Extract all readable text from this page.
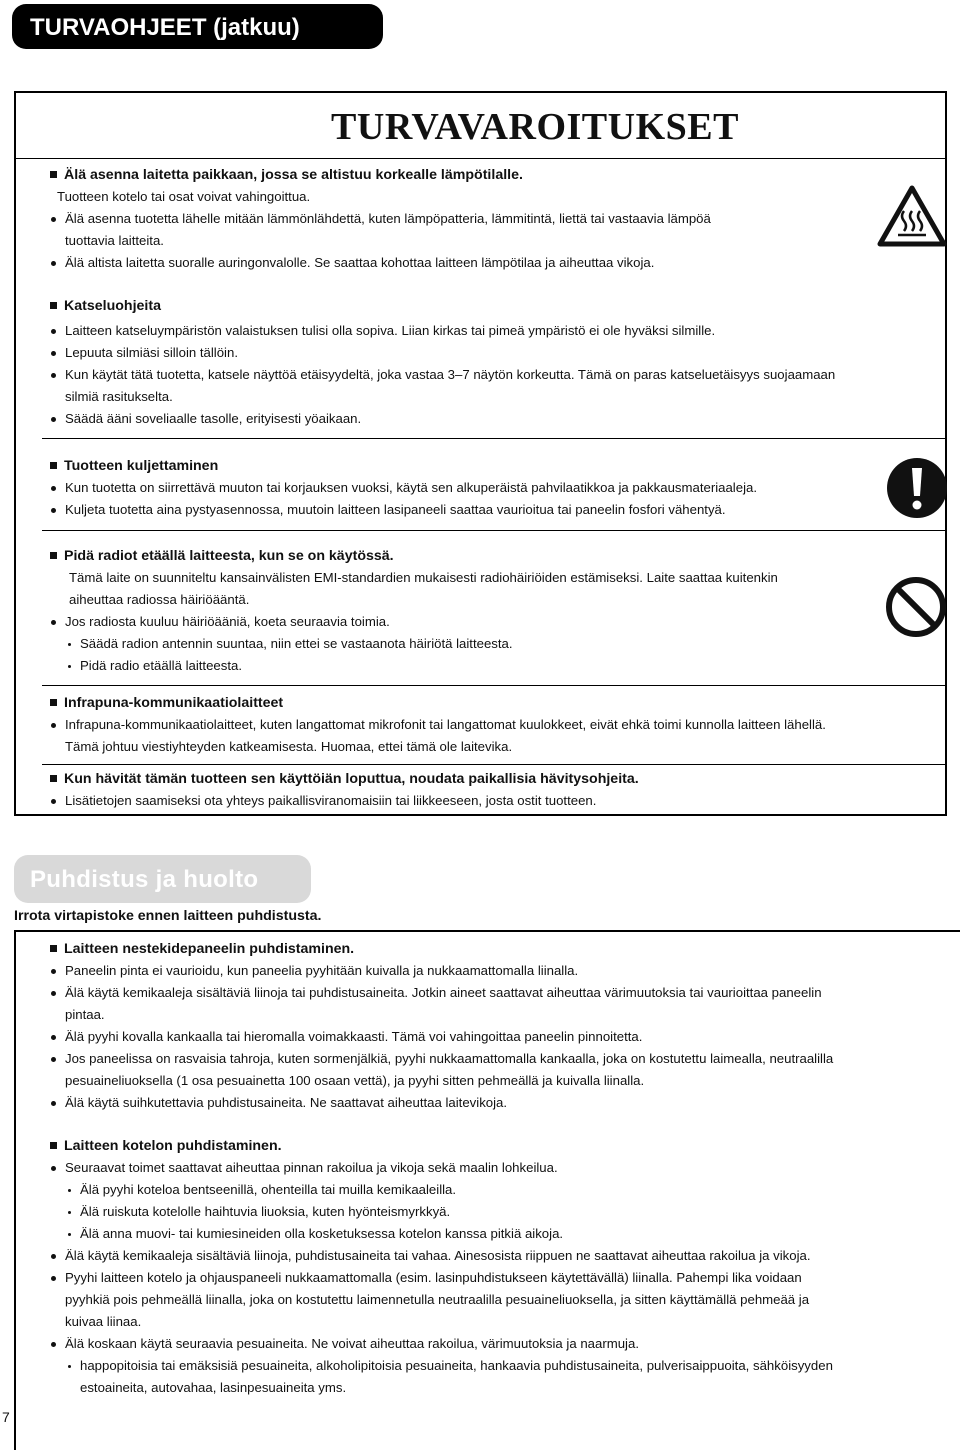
TURVAOHJEET (jatkuu)
TURVAVAROITUKSET
Älä asenna laitetta paikkaan, jossa se altistuu korkealle lämpötilalle.
Tuotteen kotelo tai osat voivat vahingoittua.
Älä asenna tuotetta lähelle mitään lämmönlähdettä, kuten lämpöpatteria, lämmitintä, liettä tai vastaavia lämpöä
tuottavia laitteita.
Älä altista laitetta suoralle auringonvalolle. Se saattaa kohottaa laitteen lämpötilaa ja aiheuttaa vikoja.
Katseluohjeita
Laitteen katseluympäristön valaistuksen tulisi olla sopiva. Liian kirkas tai pimeä ympäristö ei ole hyväksi silmille.
Lepuuta silmiäsi silloin tällöin.
Kun käytät tätä tuotetta, katsele näyttöä etäisyydeltä, joka vastaa 3–7 näytön korkeutta. Tämä on paras katseluetäisyys suojaamaan
silmiä rasitukselta.
Säädä ääni soveliaalle tasolle, erityisesti yöaikaan.
Tuotteen kuljettaminen
Kun tuotetta on siirrettävä muuton tai korjauksen vuoksi, käytä sen alkuperäistä pahvilaatikkoa ja pakkausmateriaaleja.
Kuljeta tuotetta aina pystyasennossa, muutoin laitteen lasipaneeli saattaa vaurioitua tai paneelin fosfori vähentyä.
Pidä radiot etäällä laitteesta, kun se on käytössä.
Tämä laite on suunniteltu kansainvälisten EMI-standardien mukaisesti radiohäiriöiden estämiseksi. Laite saattaa kuitenkin
aiheuttaa radiossa häiriöääntä.
Jos radiosta kuuluu häiriöääniä, koeta seuraavia toimia.
Säädä radion antennin suuntaa, niin ettei se vastaanota häiriötä laitteesta.
Pidä radio etäällä laitteesta.
Infrapuna-kommunikaatiolaitteet
Infrapuna-kommunikaatiolaitteet, kuten langattomat mikrofonit tai langattomat kuulokkeet, eivät ehkä toimi kunnolla laitteen lähellä.
Tämä johtuu viestiyhteyden katkeamisesta. Huomaa, ettei tämä ole laitevika.
Kun hävität tämän tuotteen sen käyttöiän loputtua, noudata paikallisia hävitysohjeita.
Lisätietojen saamiseksi ota yhteys paikallisviranomaisiin tai liikkeeseen, josta ostit tuotteen.
Puhdistus ja huolto
Irrota virtapistoke ennen laitteen puhdistusta.
Laitteen nestekidepaneelin puhdistaminen.
Paneelin pinta ei vaurioidu, kun paneelia pyyhitään kuivalla ja nukkaamattomalla liinalla.
Älä käytä kemikaaleja sisältäviä liinoja tai puhdistusaineita. Jotkin aineet saattavat aiheuttaa värimuutoksia tai vaurioittaa paneelin
pintaa.
Älä pyyhi kovalla kankaalla tai hieromalla voimakkaasti. Tämä voi vahingoittaa paneelin pinnoitetta.
Jos paneelissa on rasvaisia tahroja, kuten sormenjälkiä, pyyhi nukkaamattomalla kankaalla, joka on kostutettu laimealla, neutraalilla
pesuaineliuoksella (1 osa pesuainetta 100 osaan vettä), ja pyyhi sitten pehmeällä ja kuivalla liinalla.
Älä käytä suihkutettavia puhdistusaineita. Ne saattavat aiheuttaa laitevikoja.
Laitteen kotelon puhdistaminen.
Seuraavat toimet saattavat aiheuttaa pinnan rakoilua ja vikoja sekä maalin lohkeilua.
Älä pyyhi koteloa bentseenillä, ohenteilla tai muilla kemikaaleilla.
Älä ruiskuta kotelolle haihtuvia liuoksia, kuten hyönteismyrkkyä.
Älä anna muovi- tai kumiesineiden olla kosketuksessa kotelon kanssa pitkiä aikoja.
Älä käytä kemikaaleja sisältäviä liinoja, puhdistusaineita tai vahaa. Ainesosista riippuen ne saattavat aiheuttaa rakoilua ja vikoja.
Pyyhi laitteen kotelo ja ohjauspaneeli nukkaamattomalla (esim. lasinpuhdistukseen käytettävällä) liinalla. Pahempi lika voidaan
pyyhkiä pois pehmeällä liinalla, joka on kostutettu laimennetulla neutraalilla pesuaineliuoksella, ja sitten käyttämällä pehmeää ja
kuivaa liinaa.
Älä koskaan käytä seuraavia pesuaineita. Ne voivat aiheuttaa rakoilua, värimuutoksia ja naarmuja.
happopitoisia tai emäksisiä pesuaineita, alkoholipitoisia pesuaineita, hankaavia puhdistusaineita, pulverisaippuoita, sähköisyyden
estoaineita, autovahaa, lasinpesuaineita yms.
7
